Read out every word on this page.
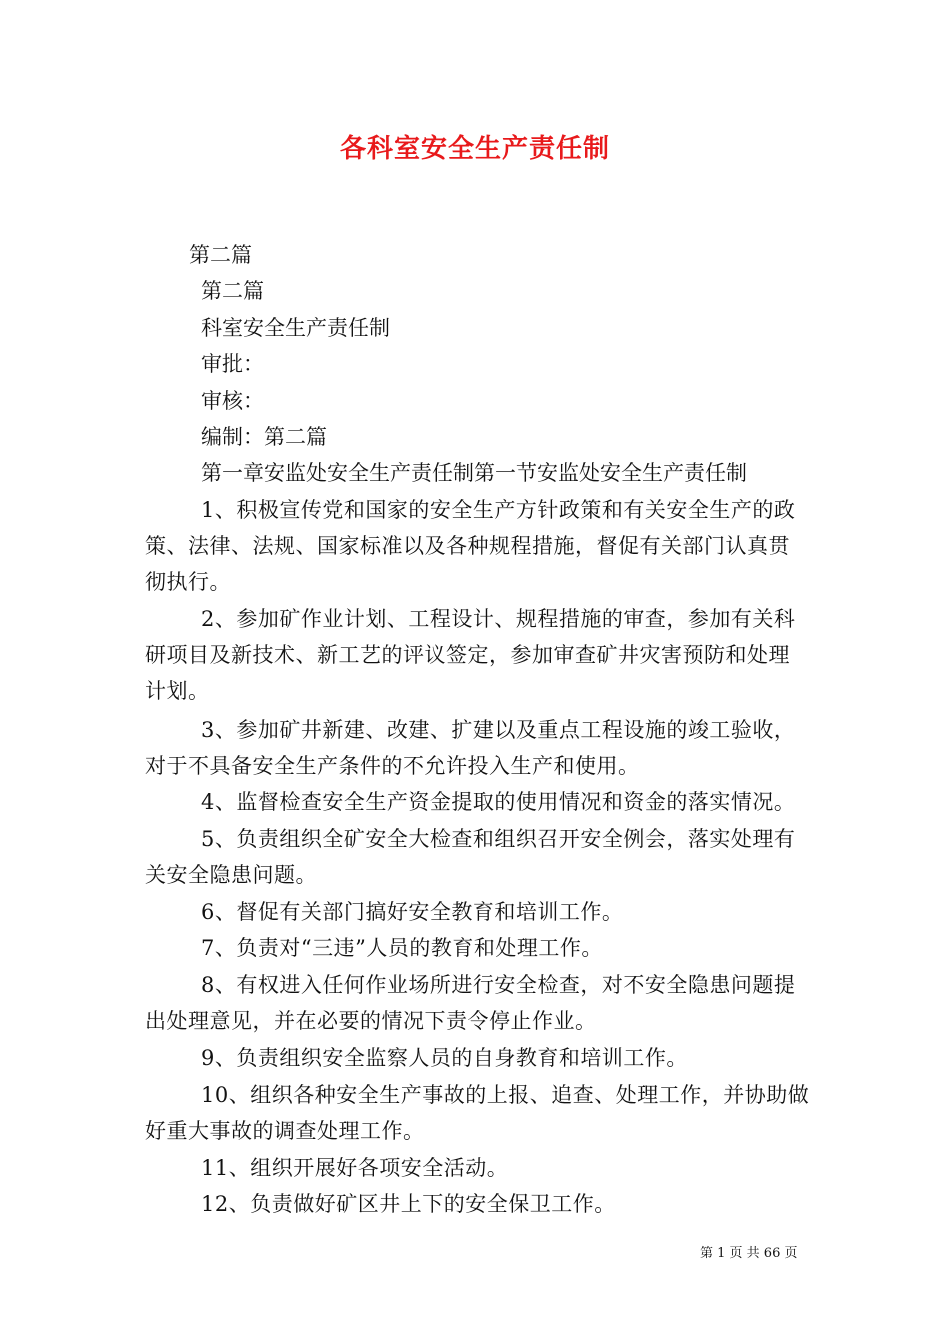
各科室安全生产责任制
第二篇
第二篇
科室安全生产责任制
审批：
审核：
编制：第二篇
第一章安监处安全生产责任制第一节安监处安全生产责任制
1、积极宣传党和国家的安全生产方针政策和有关安全生产的政策、法律、法规、国家标准以及各种规程措施，督促有关部门认真贯彻执行。
2、参加矿作业计划、工程设计、规程措施的审查，参加有关科研项目及新技术、新工艺的评议签定，参加审查矿井灾害预防和处理计划。
3、参加矿井新建、改建、扩建以及重点工程设施的竣工验收，对于不具备安全生产条件的不允许投入生产和使用。
4、监督检查安全生产资金提取的使用情况和资金的落实情况。
5、负责组织全矿安全大检查和组织召开安全例会，落实处理有关安全隐患问题。
6、督促有关部门搞好安全教育和培训工作。
7、负责对“三违”人员的教育和处理工作。
8、有权进入任何作业场所进行安全检查，对不安全隐患问题提出处理意见，并在必要的情况下责令停止作业。
9、负责组织安全监察人员的自身教育和培训工作。
10、组织各种安全生产事故的上报、追查、处理工作，并协助做好重大事故的调查处理工作。
11、组织开展好各项安全活动。
12、负责做好矿区井上下的安全保卫工作。
第 1 页 共 66 页
